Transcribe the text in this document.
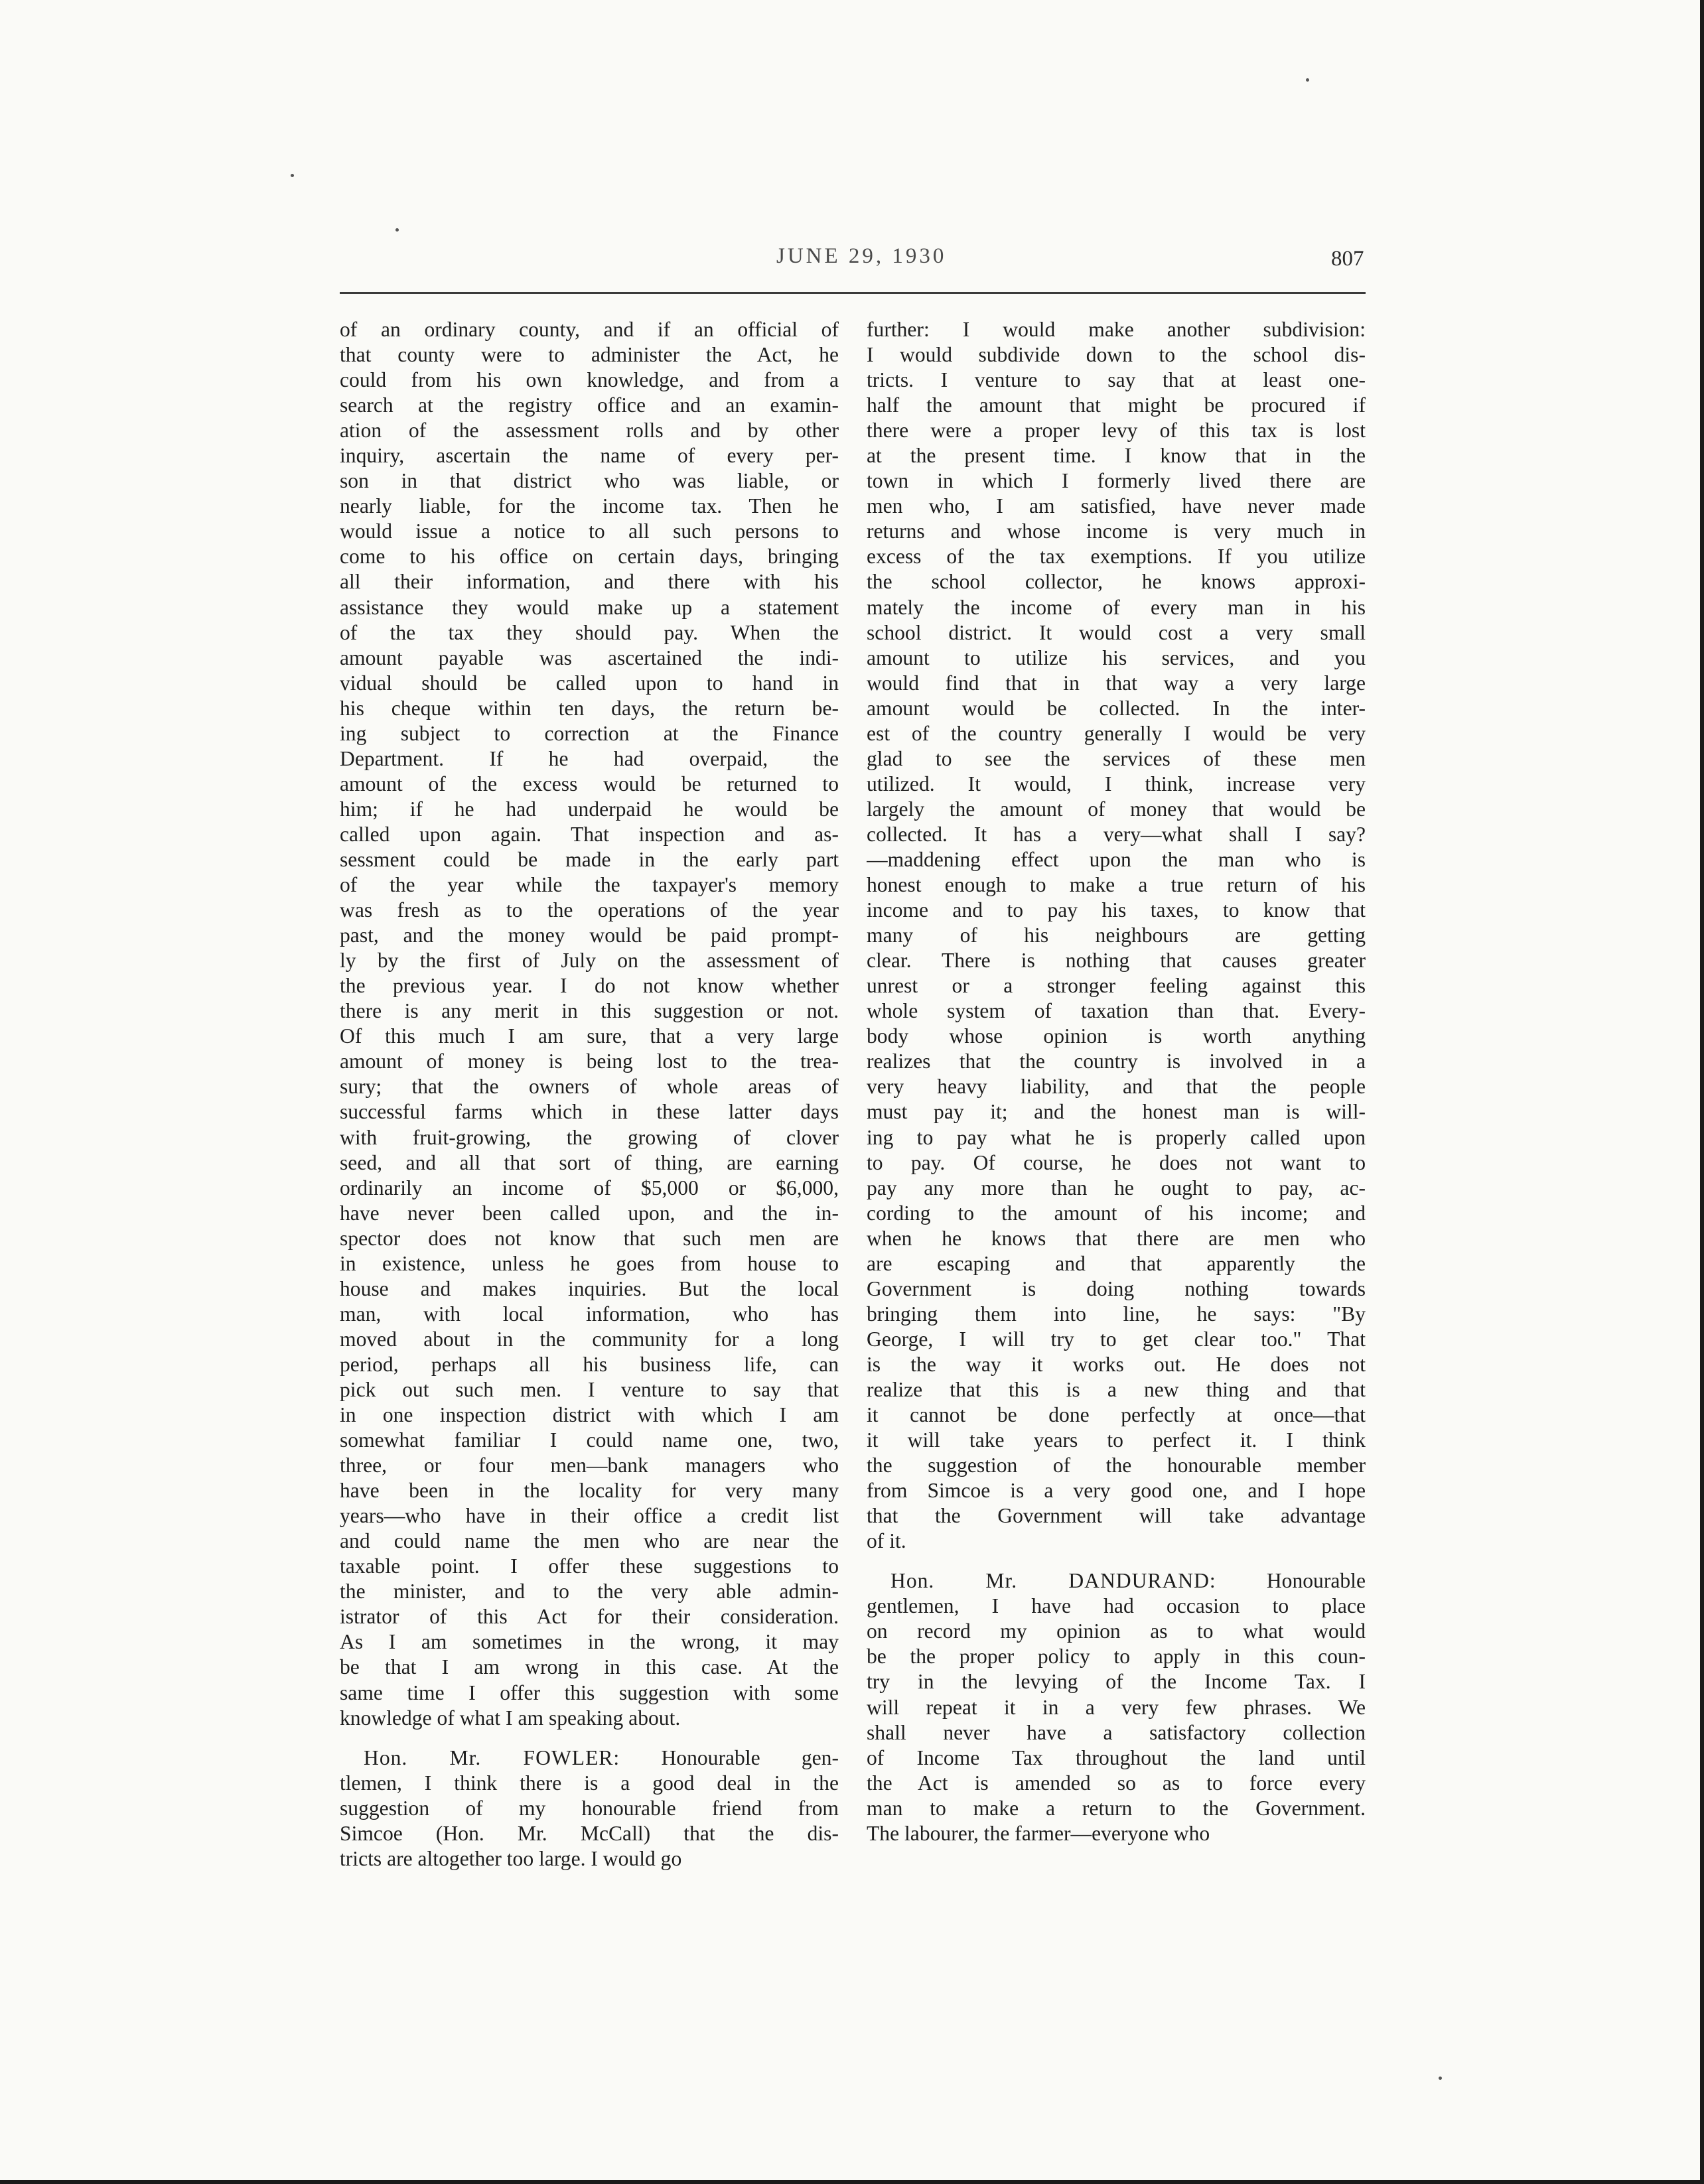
JUNE 29, 1930	807
of an ordinary county, and if an official of
that county were to administer the Act, he
could from his own knowledge, and from a
search at the registry office and an examin-
ation of the assessment rolls and by other
inquiry, ascertain the name of every per-
son in that district who was liable, or
nearly liable, for the income tax. Then he
would issue a notice to all such persons to
come to his office on certain days, bringing
all their information, and there with his
assistance they would make up a statement
of the tax they should pay. When the
amount payable was ascertained the indi-
vidual should be called upon to hand in
his cheque within ten days, the return be-
ing subject to correction at the Finance
Department. If he had overpaid, the
amount of the excess would be returned to
him; if he had underpaid he would be
called upon again. That inspection and as-
sessment could be made in the early part
of the year while the taxpayer's memory
was fresh as to the operations of the year
past, and the money would be paid prompt-
ly by the first of July on the assessment of
the previous year. I do not know whether
there is any merit in this suggestion or not.
Of this much I am sure, that a very large
amount of money is being lost to the trea-
sury; that the owners of whole areas of
successful farms which in these latter days
with fruit-growing, the growing of clover
seed, and all that sort of thing, are earning
ordinarily an income of $5,000 or $6,000,
have never been called upon, and the in-
spector does not know that such men are
in existence, unless he goes from house to
house and makes inquiries. But the local
man, with local information, who has
moved about in the community for a long
period, perhaps all his business life, can
pick out such men. I venture to say that
in one inspection district with which I am
somewhat familiar I could name one, two,
three, or four men—bank managers who
have been in the locality for very many
years—who have in their office a credit list
and could name the men who are near the
taxable point. I offer these suggestions to
the minister, and to the very able admin-
istrator of this Act for their consideration.
As I am sometimes in the wrong, it may
be that I am wrong in this case. At the
same time I offer this suggestion with some
knowledge of what I am speaking about.
Hon. Mr. FOWLER: Honourable gen-
tlemen, I think there is a good deal in the
suggestion of my honourable friend from
Simcoe (Hon. Mr. McCall) that the dis-
tricts are altogether too large. I would go
further: I would make another subdivision:
I would subdivide down to the school dis-
tricts. I venture to say that at least one-
half the amount that might be procured if
there were a proper levy of this tax is lost
at the present time. I know that in the
town in which I formerly lived there are
men who, I am satisfied, have never made
returns and whose income is very much in
excess of the tax exemptions. If you utilize
the school collector, he knows approxi-
mately the income of every man in his
school district. It would cost a very small
amount to utilize his services, and you
would find that in that way a very large
amount would be collected. In the inter-
est of the country generally I would be very
glad to see the services of these men
utilized. It would, I think, increase very
largely the amount of money that would be
collected. It has a very—what shall I say?
—maddening effect upon the man who is
honest enough to make a true return of his
income and to pay his taxes, to know that
many of his neighbours are getting
clear. There is nothing that causes greater
unrest or a stronger feeling against this
whole system of taxation than that. Every-
body whose opinion is worth anything
realizes that the country is involved in a
very heavy liability, and that the people
must pay it; and the honest man is will-
ing to pay what he is properly called upon
to pay. Of course, he does not want to
pay any more than he ought to pay, ac-
cording to the amount of his income; and
when he knows that there are men who
are escaping and that apparently the
Government is doing nothing towards
bringing them into line, he says: "By
George, I will try to get clear too." That
is the way it works out. He does not
realize that this is a new thing and that
it cannot be done perfectly at once—that
it will take years to perfect it. I think
the suggestion of the honourable member
from Simcoe is a very good one, and I hope
that the Government will take advantage
of it.
Hon. Mr. DANDURAND: Honourable
gentlemen, I have had occasion to place
on record my opinion as to what would
be the proper policy to apply in this coun-
try in the levying of the Income Tax. I
will repeat it in a very few phrases. We
shall never have a satisfactory collection
of Income Tax throughout the land until
the Act is amended so as to force every
man to make a return to the Government.
The labourer, the farmer—everyone who
